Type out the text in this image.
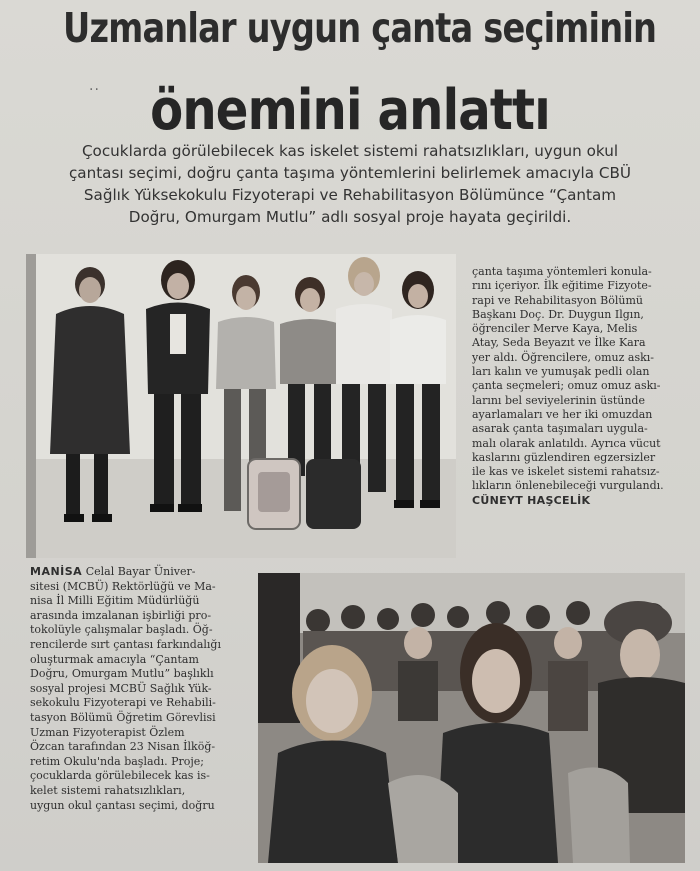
Uzmanlar uygun çanta seçiminin
·· önemini anlattı
Çocuklarda görülebilecek kas iskelet sistemi rahatsızlıkları, uygun okul
çantası seçimi, doğru çanta taşıma yöntemlerini belirlemek amacıyla CBÜ
Sağlık Yüksekokulu Fizyoterapi ve Rehabilitasyon Bölümünce “Çantam
Doğru, Omurgam Mutlu” adlı sosyal proje hayata geçirildi.
çanta taşıma yöntemleri konula-
rını içeriyor. İlk eğitime Fizyote-
rapi ve Rehabilitasyon Bölümü
Başkanı Doç. Dr. Duygun Ilgın,
öğrenciler Merve Kaya, Melis
Atay, Seda Beyazıt ve İlke Kara
yer aldı. Öğrencilere, omuz askı-
ları kalın ve yumuşak pedli olan
çanta seçmeleri; omuz omuz askı-
larını bel seviyelerinin üstünde
ayarlamaları ve her iki omuzdan
asarak çanta taşımaları uygula-
malı olarak anlatıldı. Ayrıca vücut
kaslarını güzlendiren egzersizler
ile kas ve iskelet sistemi rahatsız-
lıkların önlenebileceği vurgulandı.
CÜNEYT HAŞCELİK
MANİSA Celal Bayar Üniver-
sitesi (MCBÜ) Rektörlüğü ve Ma-
nisa İl Milli Eğitim Müdürlüğü
arasında imzalanan işbirliği pro-
tokolüyle çalışmalar başladı. Öğ-
rencilerde sırt çantası farkındalığı
oluşturmak amacıyla “Çantam
Doğru, Omurgam Mutlu” başlıklı
sosyal projesi MCBÜ Sağlık Yük-
sekokulu Fizyoterapi ve Rehabili-
tasyon Bölümü Öğretim Görevlisi
Uzman Fizyoterapist Özlem
Özcan tarafından 23 Nisan İlköğ-
retim Okulu'nda başladı. Proje;
çocuklarda görülebilecek kas is-
kelet sistemi rahatsızlıkları,
uygun okul çantası seçimi, doğru
